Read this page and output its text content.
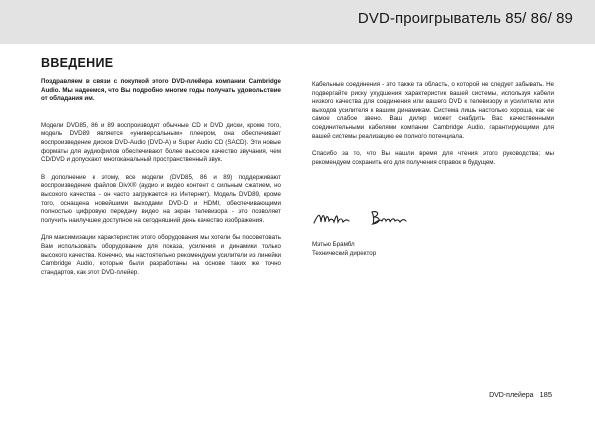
DVD-проигрыватель 85/ 86/ 89
ВВЕДЕНИЕ

Поздравляем в связи с покупкой этого DVD-плейера компании Cambridge Audio. Мы надеемся, что Вы подробно многие годы получать удовольствие от обладания им.

Модели DVD85, 86 и 89 воспроизводят обычные CD и DVD диски, кроме того, модель DVD89 является «универсальным» плеером, она обеспечивает воспроизведение дисков DVD-Audio (DVD-A) и Super Audio CD (SACD). Эти новые форматы для аудиофилов обеспечивают более высокое качество звучания, чем CD/DVD и допускают многоканальный пространственный звук.

В дополнение к этому, все модели (DVD85, 86 и 89) поддерживают воспроизведение файлов DivX® (аудио и видео контент с сильным сжатием, но высокого качества - он часто загружается из Интернет). Модель DVD89, кроме того, оснащена новейшими выходами DVD-D и HDMI, обеспечивающими полностью цифровую передачу видео на экран телевизора - это позволяет получить наилучшее доступное на сегодняшний день качество изображения.

Для максимизации характеристик этого оборудования мы хотели бы посоветовать Вам использовать оборудование для показа, усиления и динамики только высокого качества. Конечно, мы настоятельно рекомендуем усилители из линейки Cambridge Audio, которые были разработаны на основе таких же точно стандартов, как этот DVD-плейер.

Кабельные соединения - это также та область, о которой не следует забывать. Не подвергайте риску ухудшения характеристик вашей системы, используя кабели низкого качества для соединения или вашего DVD к телевизору и усилителю или выходов усилителя к вашим динамикам. Система лишь настолько хороша, как ее самое слабое звено. Ваш дилер может снабдить Вас качественными соединительными кабелями компании Cambridge Audio, гарантирующими для вашей системы реализацию ее полного потенциала.

Спасибо за то, что Вы нашли время для чтения этого руководства; мы рекомендуем сохранить его для получения справок в будущем.

Мэтью Брамбл
Технический директор
DVD-плейера 185
